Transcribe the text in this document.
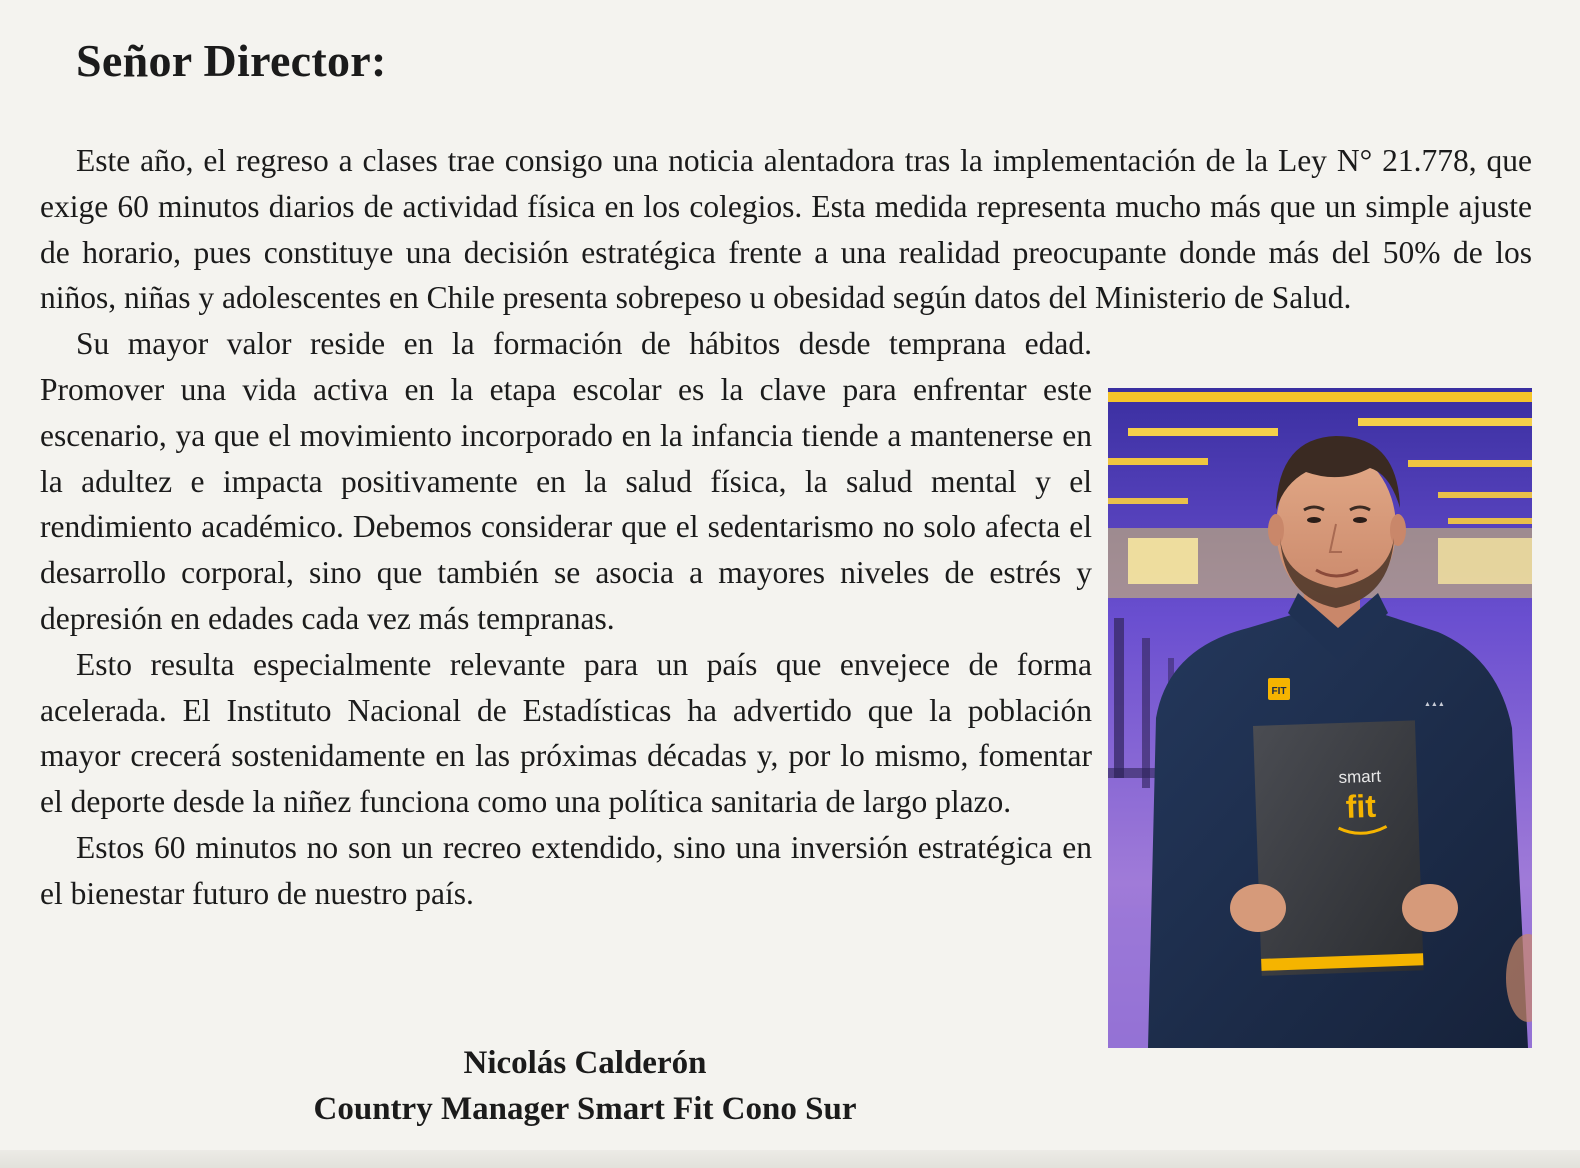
Señor Director:

Este año, el regreso a clases trae consigo una noticia alentadora tras la implementación de la Ley N° 21.778, que exige 60 minutos diarios de actividad física en los colegios. Esta medida representa mucho más que un simple ajuste de horario, pues constituye una decisión estratégica frente a una realidad preocupante donde más del 50% de los niños, niñas y adolescentes en Chile presenta sobrepeso u obesidad según datos del Ministerio de Salud.

FIT
▲▲▲
smart
fit

Su mayor valor reside en la formación de hábitos desde temprana edad. Promover una vida activa en la etapa escolar es la clave para enfrentar este escenario, ya que el movimiento incorporado en la infancia tiende a mantenerse en la adultez e impacta positivamente en la salud física, la salud mental y el rendimiento académico. Debemos considerar que el sedentarismo no solo afecta el desarrollo corporal, sino que también se asocia a mayores niveles de estrés y depresión en edades cada vez más tempranas.

Esto resulta especialmente relevante para un país que envejece de forma acelerada. El Instituto Nacional de Estadísticas ha advertido que la población mayor crecerá sostenidamente en las próximas décadas y, por lo mismo, fomentar el deporte desde la niñez funciona como una política sanitaria de largo plazo.

Estos 60 minutos no son un recreo extendido, sino una inversión estratégica en el bienestar futuro de nuestro país.

Nicolás Calderón
Country Manager Smart Fit Cono Sur
